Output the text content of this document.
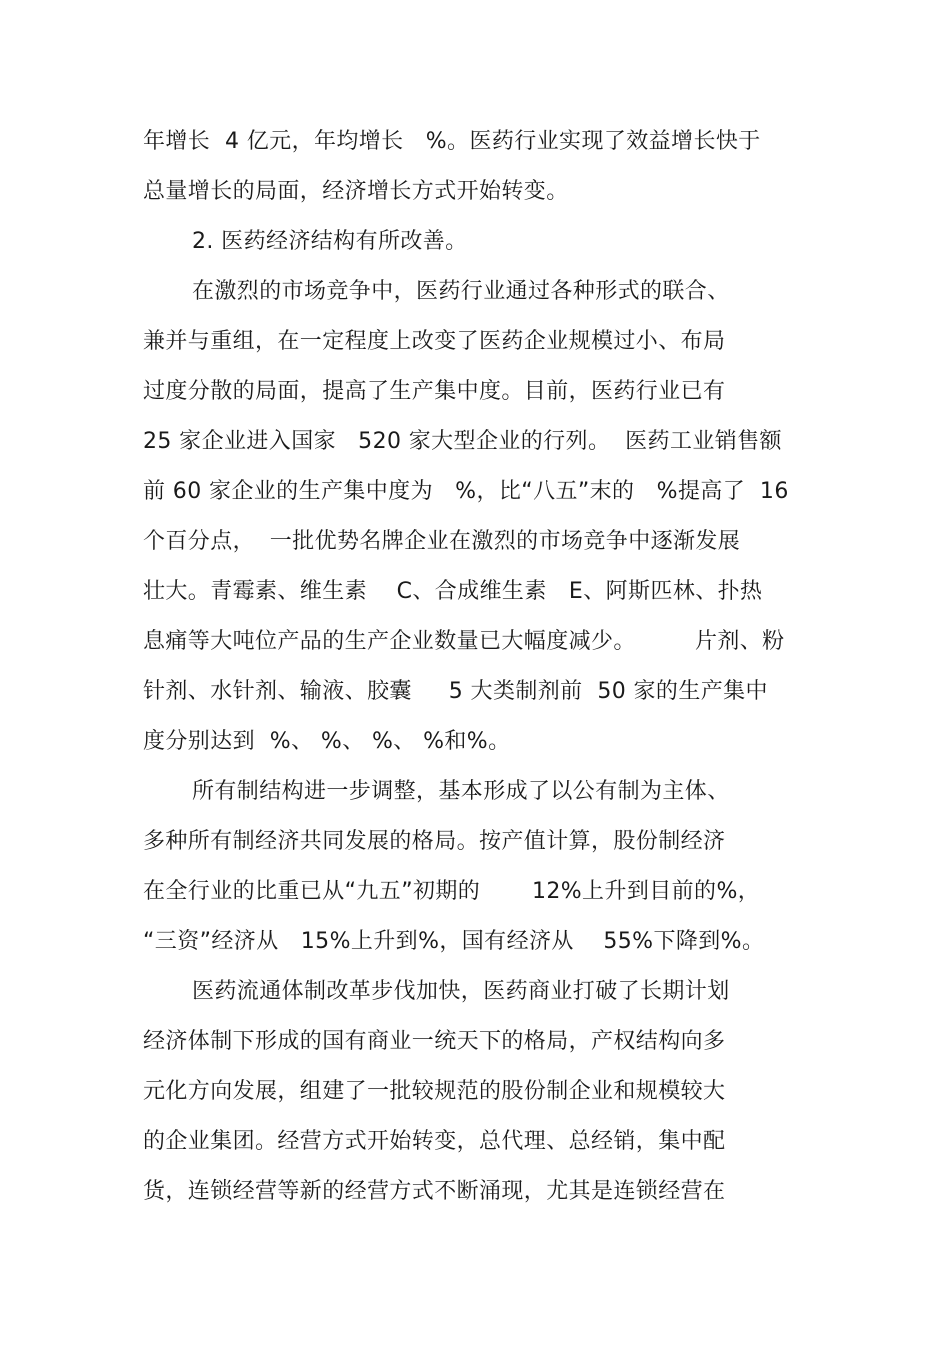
年增长  4 亿元，年均增长   %。医药行业实现了效益增长快于
总量增长的局面，经济增长方式开始转变。
2. 医药经济结构有所改善。
在激烈的市场竞争中，医药行业通过各种形式的联合、
兼并与重组，在一定程度上改变了医药企业规模过小、布局
过度分散的局面，提高了生产集中度。目前，医药行业已有
25 家企业进入国家   520 家大型企业的行列。  医药工业销售额
前 60 家企业的生产集中度为   %，比“八五”末的   %提高了  16
个百分点，  一批优势名牌企业在激烈的市场竞争中逐渐发展
壮大。青霉素、维生素    C、合成维生素   E、阿斯匹林、扑热
息痛等大吨位产品的生产企业数量已大幅度减少。        片剂、粉
针剂、水针剂、输液、胶囊     5 大类制剂前  50 家的生产集中
度分别达到  %、 %、 %、 %和%。
所有制结构进一步调整，基本形成了以公有制为主体、
多种所有制经济共同发展的格局。按产值计算，股份制经济
在全行业的比重已从“九五”初期的       12%上升到目前的%，
“三资”经济从   15%上升到%，国有经济从    55%下降到%。
医药流通体制改革步伐加快，医药商业打破了长期计划
经济体制下形成的国有商业一统天下的格局，产权结构向多
元化方向发展，组建了一批较规范的股份制企业和规模较大
的企业集团。经营方式开始转变，总代理、总经销，集中配
货，连锁经营等新的经营方式不断涌现，尤其是连锁经营在
